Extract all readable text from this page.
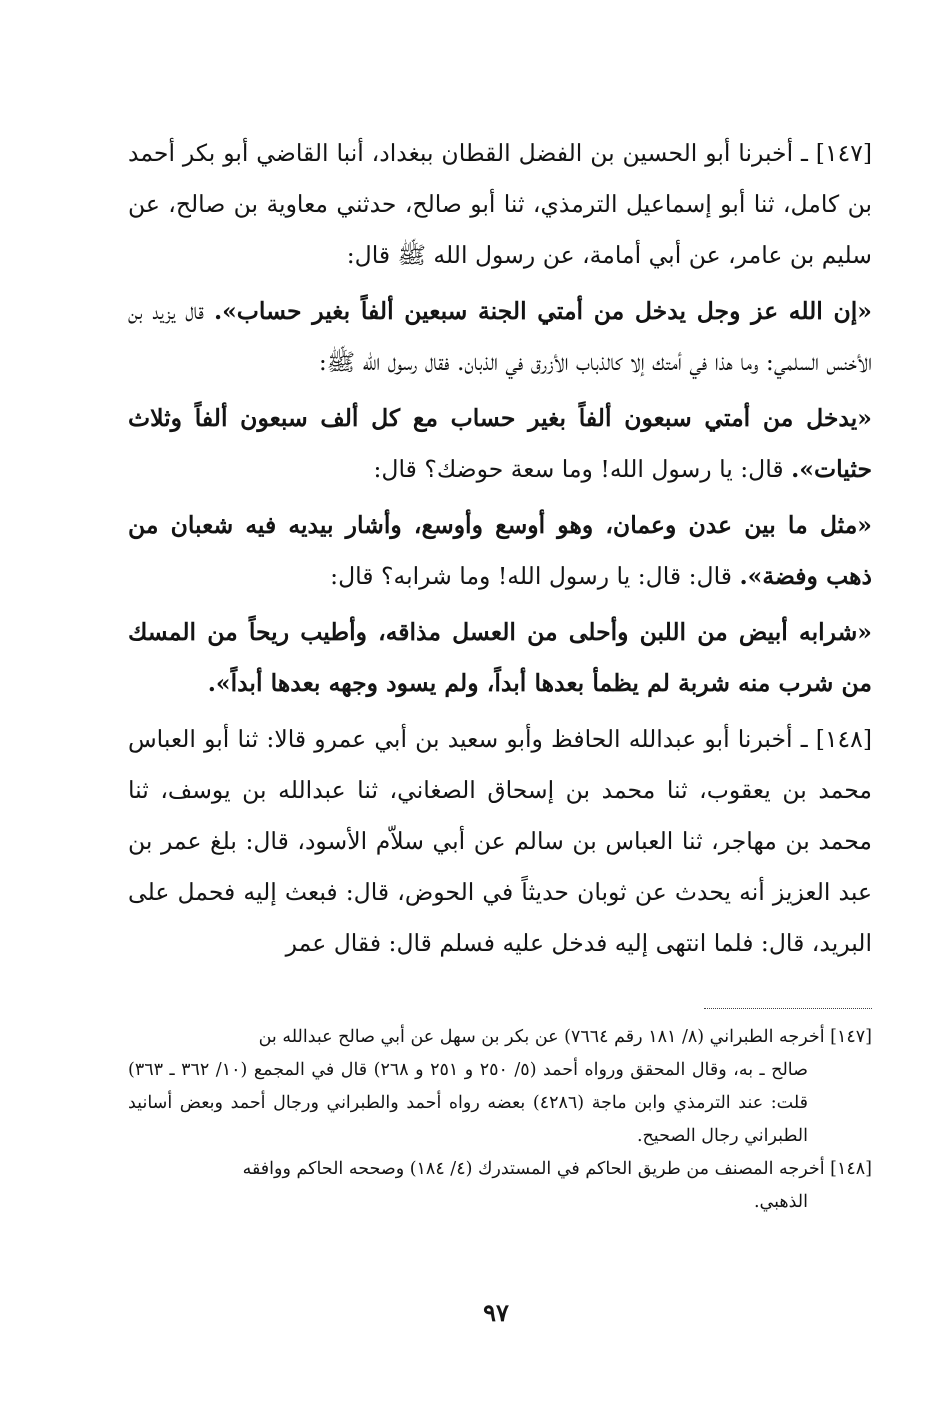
[١٤٧] ـ أخبرنا أبو الحسين بن الفضل القطان ببغداد، أنبا القاضي أبو بكر أحمد بن كامل، ثنا أبو إسماعيل الترمذي، ثنا أبو صالح، حدثني معاوية بن صالح، عن سليم بن عامر، عن أبي أمامة، عن رسول الله ﷺ قال:

«إن الله عز وجل يدخل من أمتي الجنة سبعين ألفاً بغير حساب». قال يزيد بن الأخنس السلمي: وما هذا في أمتك إلا كالذباب الأزرق في الذبان. فقال رسول الله ﷺ:

«يدخل من أمتي سبعون ألفاً بغير حساب مع كل ألف سبعون ألفاً وثلاث حثيات». قال: يا رسول الله! وما سعة حوضك؟ قال:

«مثل ما بين عدن وعمان، وهو أوسع وأوسع، وأشار بيديه فيه شعبان من ذهب وفضة». قال: قال: يا رسول الله! وما شرابه؟ قال:

«شرابه أبيض من اللبن وأحلى من العسل مذاقه، وأطيب ريحاً من المسك من شرب منه شربة لم يظمأ بعدها أبداً، ولم يسود وجهه بعدها أبداً».

[١٤٨] ـ أخبرنا أبو عبدالله الحافظ وأبو سعيد بن أبي عمرو قالا: ثنا أبو العباس محمد بن يعقوب، ثنا محمد بن إسحاق الصغاني، ثنا عبدالله بن يوسف، ثنا محمد بن مهاجر، ثنا العباس بن سالم عن أبي سلاّم الأسود، قال: بلغ عمر بن عبد العزيز أنه يحدث عن ثوبان حديثاً في الحوض، قال: فبعث إليه فحمل على البريد، قال: فلما انتهى إليه فدخل عليه فسلم قال: فقال عمر

[١٤٧] أخرجه الطبراني (٨/ ١٨١ رقم ٧٦٦٤) عن بكر بن سهل عن أبي صالح عبدالله بن
صالح ـ به، وقال المحقق ورواه أحمد (٥/ ٢٥٠ و ٢٥١ و ٢٦٨) قال في المجمع (١٠/ ٣٦٢ ـ ٣٦٣) قلت: عند الترمذي وابن ماجة (٤٢٨٦) بعضه رواه أحمد والطبراني ورجال أحمد وبعض أسانيد الطبراني رجال الصحيح.

[١٤٨] أخرجه المصنف من طريق الحاكم في المستدرك (٤/ ١٨٤) وصححه الحاكم ووافقه
الذهبي.

٩٧
